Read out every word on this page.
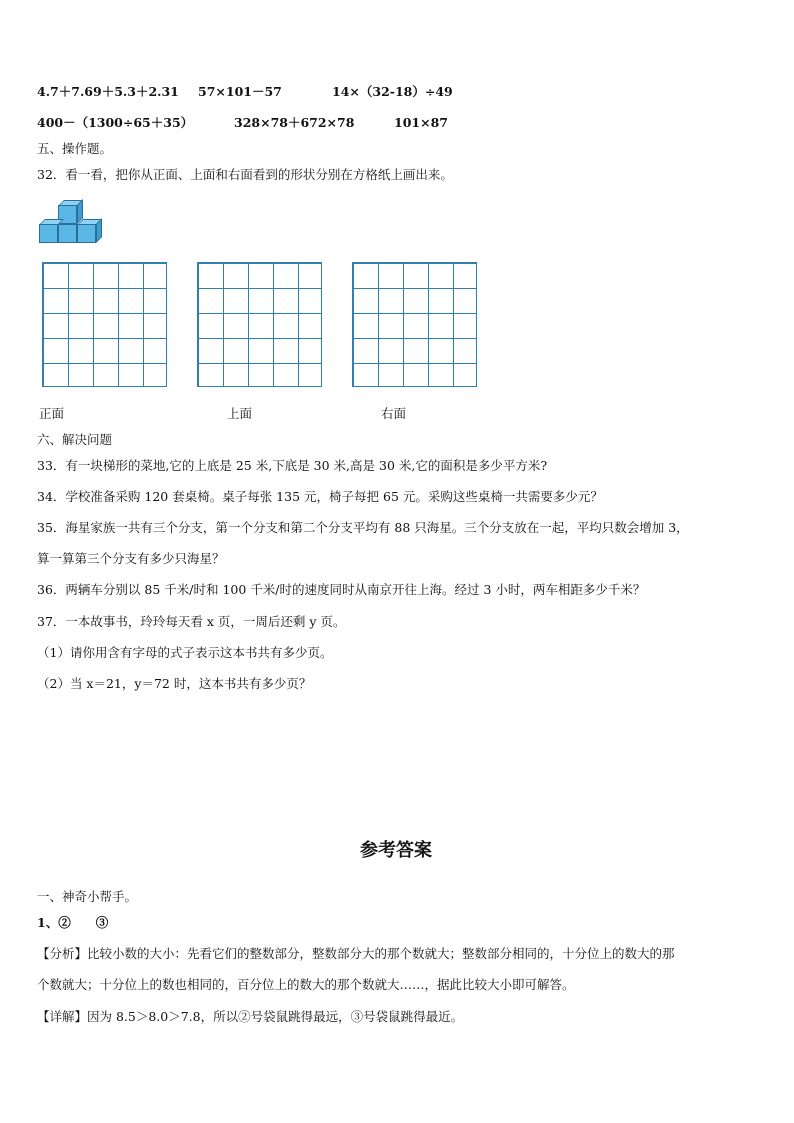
4.7＋7.69＋5.3＋2.31 57×101－57	14×（32-18）÷49
400－（1300÷65＋35）	328×78＋672×78	101×87
五、操作题。
32．看一看，把你从正面、上面和右面看到的形状分别在方格纸上画出来。
正面	上面	右面
六、解决问题
33．有一块梯形的菜地,它的上底是 25 米,下底是 30 米,高是 30 米,它的面积是多少平方米?
34．学校准备采购 120 套桌椅。桌子每张 135 元，椅子每把 65 元。采购这些桌椅一共需要多少元？
35．海星家族一共有三个分支，第一个分支和第二个分支平均有 88 只海星。三个分支放在一起，平均只数会增加 3，
算一算第三个分支有多少只海星？
36．两辆车分别以 85 千米/时和 100 千米/时的速度同时从南京开往上海。经过 3 小时，两车相距多少千米？
37．一本故事书，玲玲每天看 x 页，一周后还剩 y 页。
（1）请你用含有字母的式子表示这本书共有多少页。
（2）当 x＝21，y＝72 时，这本书共有多少页？
参考答案
一、神奇小帮手。
1、②　　③
【分析】比较小数的大小：先看它们的整数部分，整数部分大的那个数就大；整数部分相同的，十分位上的数大的那
个数就大；十分位上的数也相同的，百分位上的数大的那个数就大……，据此比较大小即可解答。
【详解】因为 8.5＞8.0＞7.8，所以②号袋鼠跳得最远，③号袋鼠跳得最近。
